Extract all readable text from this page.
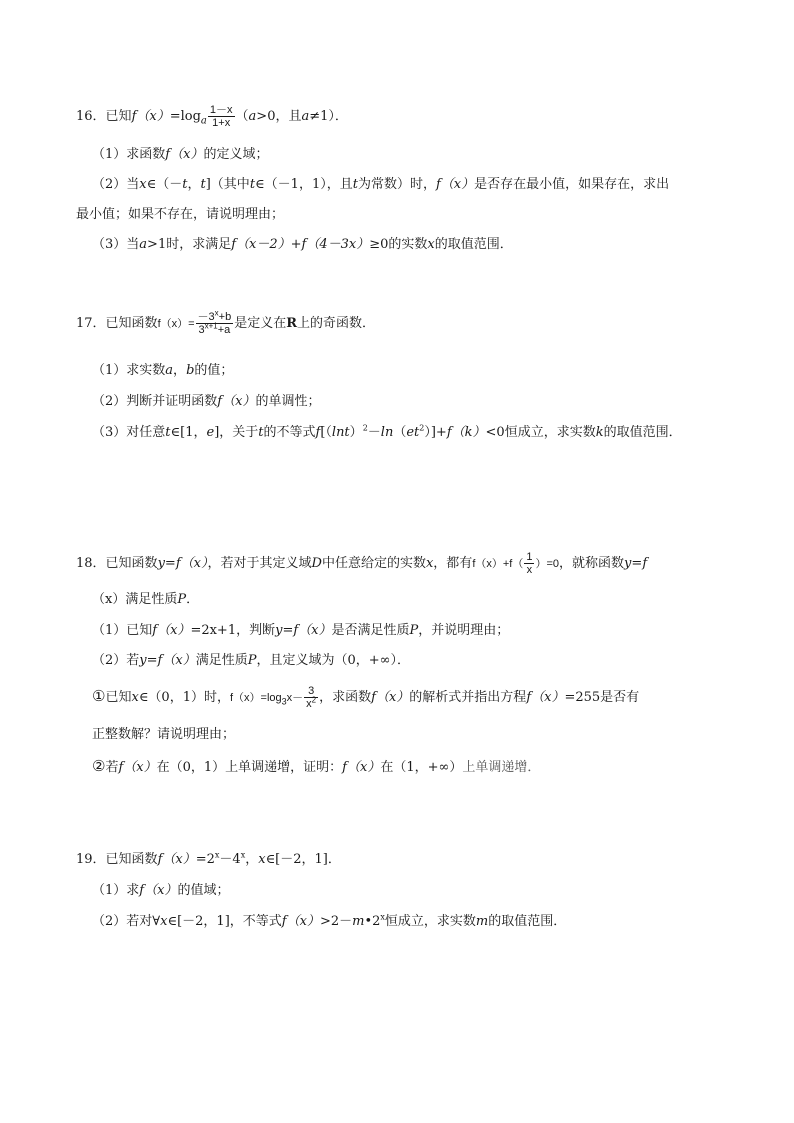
16．已知$f(x)=\log_a \frac{1-x}{1+x} (a>0$，且a≠1）．
（1）求函数f（x）的定义域；
（2）当x∈（－t，t]（其中t∈（－1，1），且t为常数）时，f（x）是否存在最小值，如果存在，求出
最小值；如果不存在，请说明理由；
（3）当a>1时，求满足f（x－2）+f（4－3x）≥0的实数x的取值范围．
17．已知函数$f(x)= \frac{-3^x+b}{3^{x+1}+a}$ 是定义在R上的奇函数．
（1）求实数a，b的值；
（2）判断并证明函数f（x）的单调性；
（3）对任意t∈[1，e]，关于t的不等式$f[(\ln t)^2-\ln(et^2)]+f(k)<0$恒成立，求实数k的取值范围．
18．已知函数y=f（x），若对于其定义域D中任意给定的实数x，都有$f(x)+f( \frac{1}{x} )=0$，就称函数y=f
（x）满足性质P．
（1）已知f（x）=2x+1，判断y=f（x）是否满足性质P，并说明理由；
（2）若y=f（x）满足性质P，且定义域为（0，+∞）．
①已知x∈（0，1）时，$f(x)=\log_3x- \frac{3}{x^2}$ ，求函数f（x）的解析式并指出方程f（x）=255是否有
正整数解？请说明理由；
②若f（x）在（0，1）上单调递增，证明：f（x）在（1，+∞）上单调递增．
19．已知函数$f(x)=2^x-4^x$，x∈[－2，1]．
（1）求f（x）的值域；
（2）若对∀x∈[－2，1]，不等式$f(x)>2-m•2^x$恒成立，求实数m的取值范围．
